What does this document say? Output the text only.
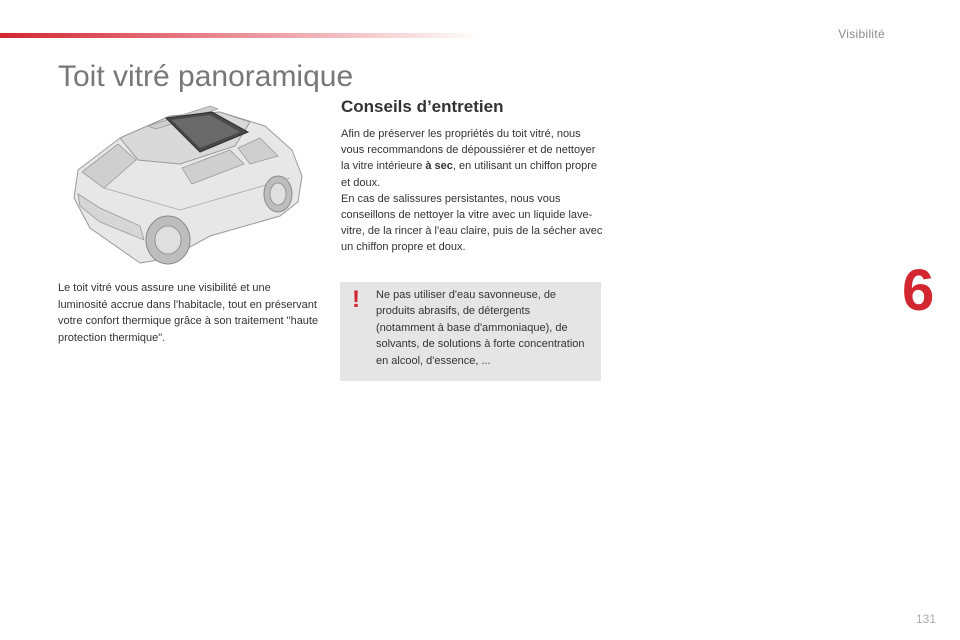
Visibilité
Toit vitré panoramique

Le toit vitré vous assure une visibilité et une luminosité accrue dans l'habitacle, tout en préservant votre confort thermique grâce à son traitement "haute protection thermique".

Conseils d’entretien
Afin de préserver les propriétés du toit vitré, nous vous recommandons de dépoussiérer et de nettoyer la vitre intérieure à sec, en utilisant un chiffon propre et doux.
En cas de salissures persistantes, nous vous conseillons de nettoyer la vitre avec un liquide lave-vitre, de la rincer à l'eau claire, puis de la sécher avec un chiffon propre et doux.
! Ne pas utiliser d'eau savonneuse, de produits abrasifs, de détergents (notamment à base d'ammoniaque), de solvants, de solutions à forte concentration en alcool, d'essence, ...

6
131
